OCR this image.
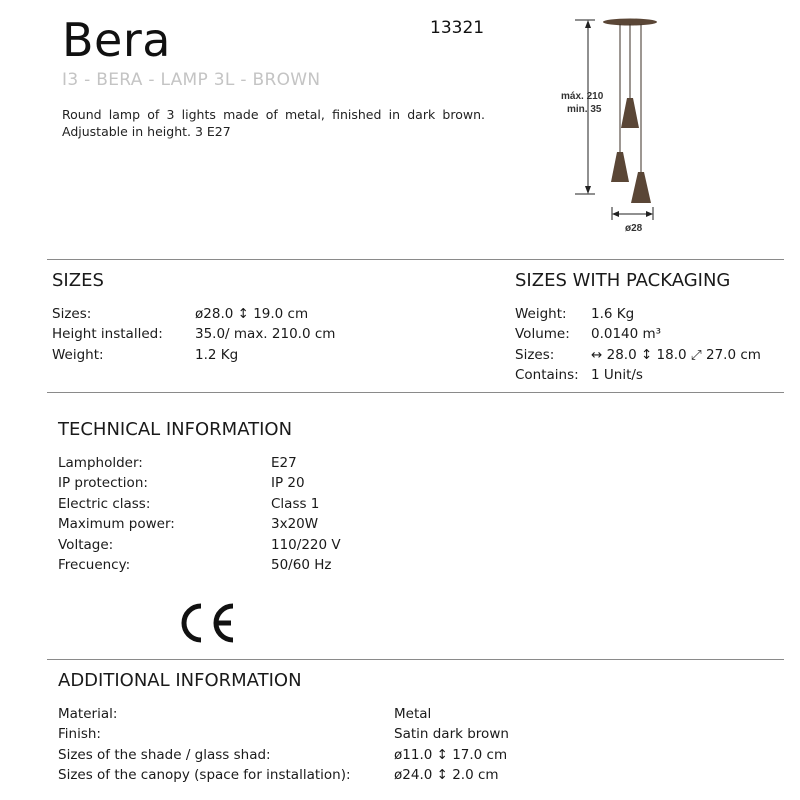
Bera	13321
I3 - BERA - LAMP 3L - BROWN
Round lamp of 3 lights made of metal, finished in dark brown. Adjustable in height. 3 E27
máx. 210
min. 35
ø28
SIZES
Sizes:	ø28.0 ↕ 19.0 cm
Height installed: 35.0/ max. 210.0 cm
Weight:	1.2 Kg
SIZES WITH PACKAGING
Weight: 1.6 Kg
Volume: 0.0140 m³
Sizes:	↔ 28.0 ↕ 18.0 ⤢ 27.0 cm
Contains: 1 Unit/s
TECHNICAL INFORMATION
Lampholder:	E27
IP protection:	IP 20
Electric class:	Class 1
Maximum power:	3x20W
Voltage:	110/220 V
Frecuency:	50/60 Hz
ADDITIONAL INFORMATION
Material:	Metal
Finish:	Satin dark brown
Sizes of the shade / glass shad:	ø11.0 ↕ 17.0 cm
Sizes of the canopy (space for installation):	ø24.0 ↕ 2.0 cm
